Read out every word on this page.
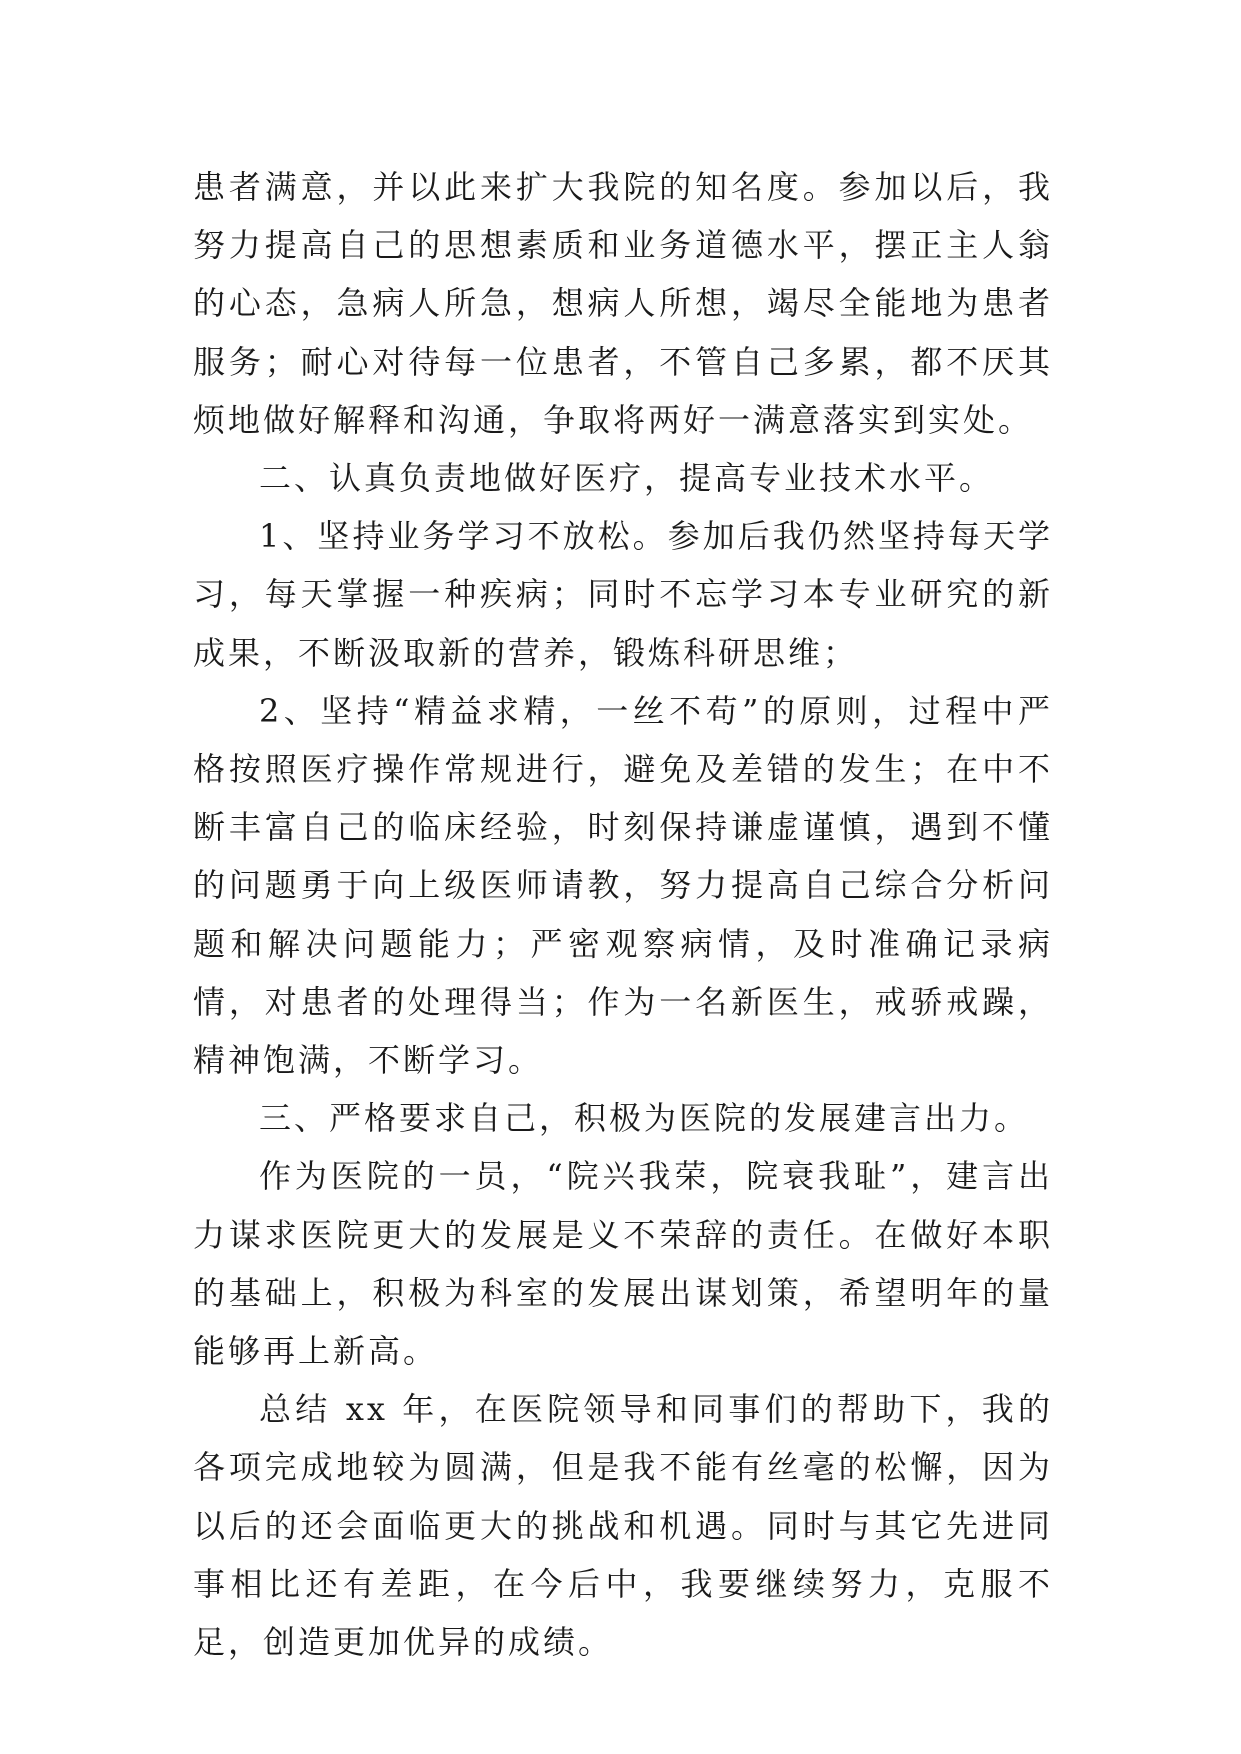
患者满意，并以此来扩大我院的知名度。参加以后，我努力提高自己的思想素质和业务道德水平，摆正主人翁的心态，急病人所急，想病人所想，竭尽全能地为患者服务；耐心对待每一位患者，不管自己多累，都不厌其烦地做好解释和沟通，争取将两好一满意落实到实处。

二、认真负责地做好医疗，提高专业技术水平。

1、坚持业务学习不放松。参加后我仍然坚持每天学习，每天掌握一种疾病；同时不忘学习本专业研究的新成果，不断汲取新的营养，锻炼科研思维；

2、坚持“精益求精，一丝不苟”的原则，过程中严格按照医疗操作常规进行，避免及差错的发生；在中不断丰富自己的临床经验，时刻保持谦虚谨慎，遇到不懂的问题勇于向上级医师请教，努力提高自己综合分析问题和解决问题能力；严密观察病情，及时准确记录病情，对患者的处理得当；作为一名新医生，戒骄戒躁，精神饱满，不断学习。

三、严格要求自己，积极为医院的发展建言出力。

作为医院的一员，“院兴我荣，院衰我耻”，建言出力谋求医院更大的发展是义不荣辞的责任。在做好本职的基础上，积极为科室的发展出谋划策，希望明年的量能够再上新高。

总结 xx 年，在医院领导和同事们的帮助下，我的各项完成地较为圆满，但是我不能有丝毫的松懈，因为以后的还会面临更大的挑战和机遇。同时与其它先进同事相比还有差距，在今后中，我要继续努力，克服不足，创造更加优异的成绩。
